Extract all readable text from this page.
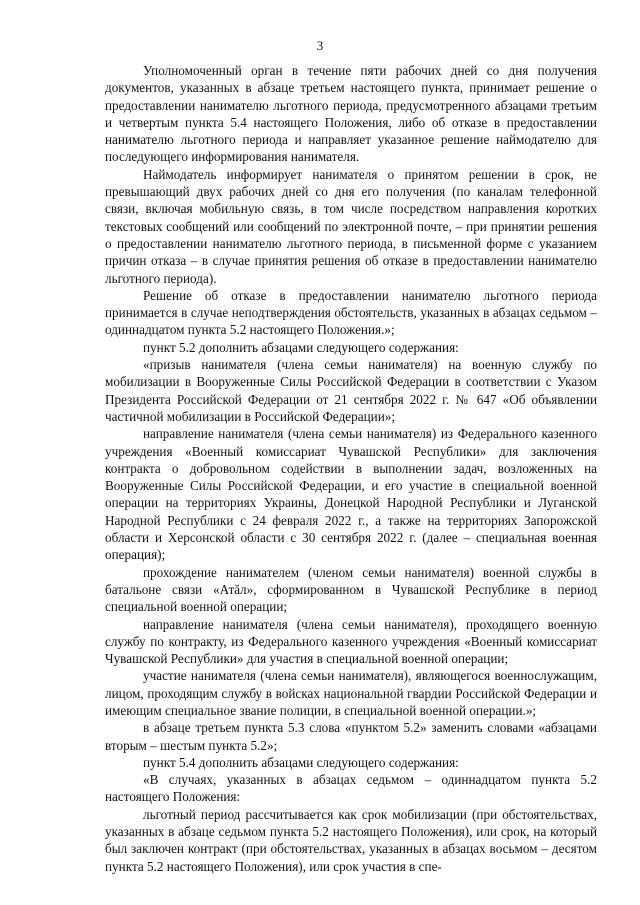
3

Уполномоченный орган в течение пяти рабочих дней со дня получения документов, указанных в абзаце третьем настоящего пункта, принимает решение о предоставлении нанимателю льготного периода, предусмотренного абзацами третьим и четвертым пункта 5.4 настоящего Положения, либо об отказе в предоставлении нанимателю льготного периода и направляет указанное решение наймодателю для последующего информирования нанимателя.

Наймодатель информирует нанимателя о принятом решении в срок, не превышающий двух рабочих дней со дня его получения (по каналам телефонной связи, включая мобильную связь, в том числе посредством направления коротких текстовых сообщений или сообщений по электронной почте, – при принятии решения о предоставлении нанимателю льготного периода, в письменной форме с указанием причин отказа – в случае принятия решения об отказе в предоставлении нанимателю льготного периода).

Решение об отказе в предоставлении нанимателю льготного периода принимается в случае неподтверждения обстоятельств, указанных в абзацах седьмом – одиннадцатом пункта 5.2 настоящего Положения.»;

пункт 5.2 дополнить абзацами следующего содержания:

«призыв нанимателя (члена семьи нанимателя) на военную службу по мобилизации в Вооруженные Силы Российской Федерации в соответствии с Указом Президента Российской Федерации от 21 сентября 2022 г. № 647 «Об объявлении частичной мобилизации в Российской Федерации»;

направление нанимателя (члена семьи нанимателя) из Федерального казенного учреждения «Военный комиссариат Чувашской Республики» для заключения контракта о добровольном содействии в выполнении задач, возложенных на Вооруженные Силы Российской Федерации, и его участие в специальной военной операции на территориях Украины, Донецкой Народной Республики и Луганской Народной Республики с 24 февраля 2022 г., а также на территориях Запорожской области и Херсонской области с 30 сентября 2022 г. (далее – специальная военная операция);

прохождение нанимателем (членом семьи нанимателя) военной службы в батальоне связи «Атăл», сформированном в Чувашской Республике в период специальной военной операции;

направление нанимателя (члена семьи нанимателя), проходящего военную службу по контракту, из Федерального казенного учреждения «Военный комиссариат Чувашской Республики» для участия в специальной военной операции;

участие нанимателя (члена семьи нанимателя), являющегося военнослужащим, лицом, проходящим службу в войсках национальной гвардии Российской Федерации и имеющим специальное звание полиции, в специальной военной операции.»;

в абзаце третьем пункта 5.3 слова «пунктом 5.2» заменить словами «абзацами вторым – шестым пункта 5.2»;

пункт 5.4 дополнить абзацами следующего содержания:

«В случаях, указанных в абзацах седьмом – одиннадцатом пункта 5.2 настоящего Положения:

льготный период рассчитывается как срок мобилизации (при обстоятельствах, указанных в абзаце седьмом пункта 5.2 настоящего Положения), или срок, на который был заключен контракт (при обстоятельствах, указанных в абзацах восьмом – десятом пункта 5.2 настоящего Положения), или срок участия в спе-
